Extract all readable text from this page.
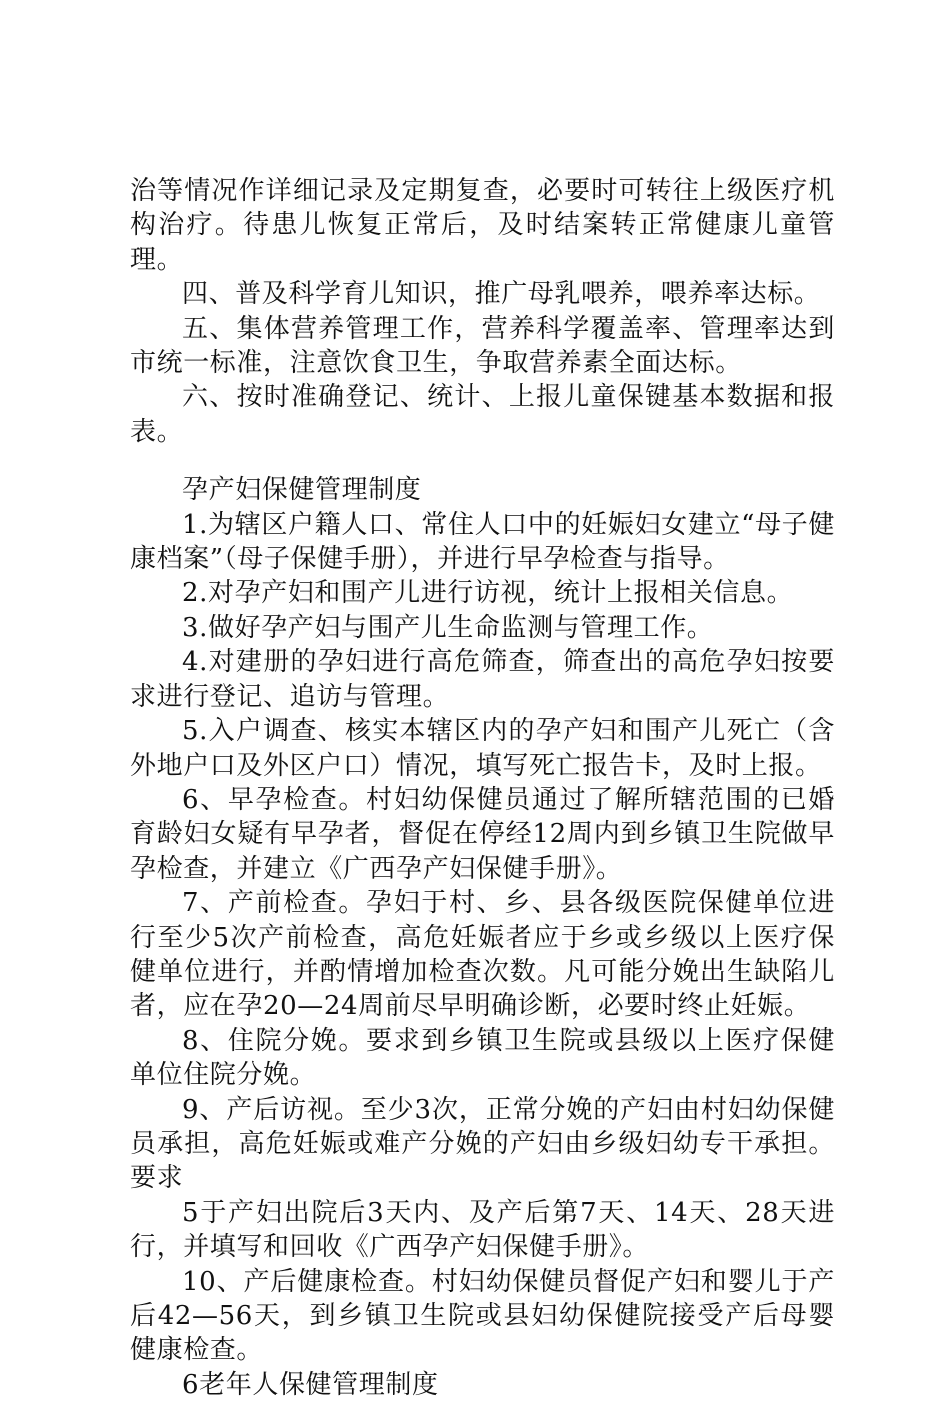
治等情况作详细记录及定期复查，必要时可转往上级医疗机构治疗。待患儿恢复正常后，及时结案转正常健康儿童管理。

四、普及科学育儿知识，推广母乳喂养，喂养率达标。

五、集体营养管理工作，营养科学覆盖率、管理率达到市统一标准，注意饮食卫生，争取营养素全面达标。

六、按时准确登记、统计、上报儿童保键基本数据和报表。

孕产妇保健管理制度

1.为辖区户籍人口、常住人口中的妊娠妇女建立“母子健康档案”（母子保健手册），并进行早孕检查与指导。

2.对孕产妇和围产儿进行访视，统计上报相关信息。

3.做好孕产妇与围产儿生命监测与管理工作。

4.对建册的孕妇进行高危筛查，筛查出的高危孕妇按要求进行登记、追访与管理。

5.入户调查、核实本辖区内的孕产妇和围产儿死亡（含外地户口及外区户口）情况，填写死亡报告卡，及时上报。

6、早孕检查。村妇幼保健员通过了解所辖范围的已婚育龄妇女疑有早孕者，督促在停经12周内到乡镇卫生院做早孕检查，并建立《广西孕产妇保健手册》。

7、产前检查。孕妇于村、乡、县各级医院保健单位进行至少5次产前检查，高危妊娠者应于乡或乡级以上医疗保健单位进行，并酌情增加检查次数。凡可能分娩出生缺陷儿者，应在孕20—24周前尽早明确诊断，必要时终止妊娠。

8、住院分娩。要求到乡镇卫生院或县级以上医疗保健单位住院分娩。

9、产后访视。至少3次，正常分娩的产妇由村妇幼保健员承担，高危妊娠或难产分娩的产妇由乡级妇幼专干承担。要求

5于产妇出院后3天内、及产后第7天、14天、28天进行，并填写和回收《广西孕产妇保健手册》。

10、产后健康检查。村妇幼保健员督促产妇和婴儿于产后42—56天，到乡镇卫生院或县妇幼保健院接受产后母婴健康检查。

6老年人保健管理制度
